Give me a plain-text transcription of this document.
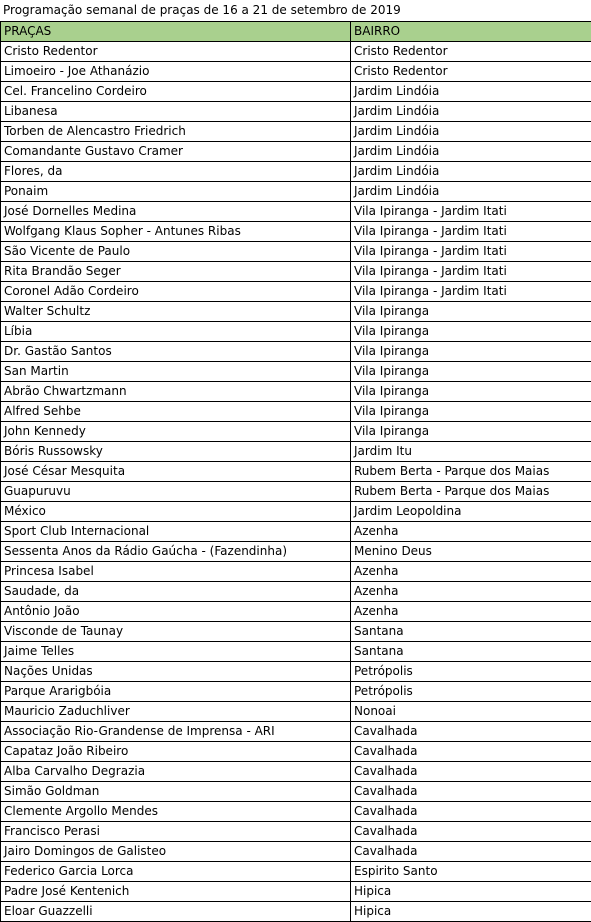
Programação semanal de praças de 16 a 21 de setembro de 2019
PRAÇAS	BAIRRO
Cristo Redentor	Cristo Redentor
Limoeiro - Joe Athanázio	Cristo Redentor
Cel. Francelino Cordeiro	Jardim Lindóia
Libanesa	Jardim Lindóia
Torben de Alencastro Friedrich	Jardim Lindóia
Comandante Gustavo Cramer	Jardim Lindóia
Flores, da	Jardim Lindóia
Ponaim	Jardim Lindóia
José Dornelles Medina	Vila Ipiranga - Jardim Itati
Wolfgang Klaus Sopher - Antunes Ribas	Vila Ipiranga - Jardim Itati
São Vicente de Paulo	Vila Ipiranga - Jardim Itati
Rita Brandão Seger	Vila Ipiranga - Jardim Itati
Coronel Adão Cordeiro	Vila Ipiranga - Jardim Itati
Walter Schultz	Vila Ipiranga
Líbia	Vila Ipiranga
Dr. Gastão Santos	Vila Ipiranga
San Martin	Vila Ipiranga
Abrão Chwartzmann	Vila Ipiranga
Alfred Sehbe	Vila Ipiranga
John Kennedy	Vila Ipiranga
Bóris Russowsky	Jardim Itu
José César Mesquita	Rubem Berta - Parque dos Maias
Guapuruvu	Rubem Berta - Parque dos Maias
México	Jardim Leopoldina
Sport Club Internacional	Azenha
Sessenta Anos da Rádio Gaúcha - (Fazendinha)	Menino Deus
Princesa Isabel	Azenha
Saudade, da	Azenha
Antônio João	Azenha
Visconde de Taunay	Santana
Jaime Telles	Santana
Nações Unidas	Petrópolis
Parque Ararigbóia	Petrópolis
Mauricio Zaduchliver	Nonoai
Associação Rio-Grandense de Imprensa - ARI	Cavalhada
Capataz João Ribeiro	Cavalhada
Alba Carvalho Degrazia	Cavalhada
Simão Goldman	Cavalhada
Clemente Argollo Mendes	Cavalhada
Francisco Perasi	Cavalhada
Jairo Domingos de Galisteo	Cavalhada
Federico Garcia Lorca	Espirito Santo
Padre José Kentenich	Hipica
Eloar Guazzelli	Hipica
